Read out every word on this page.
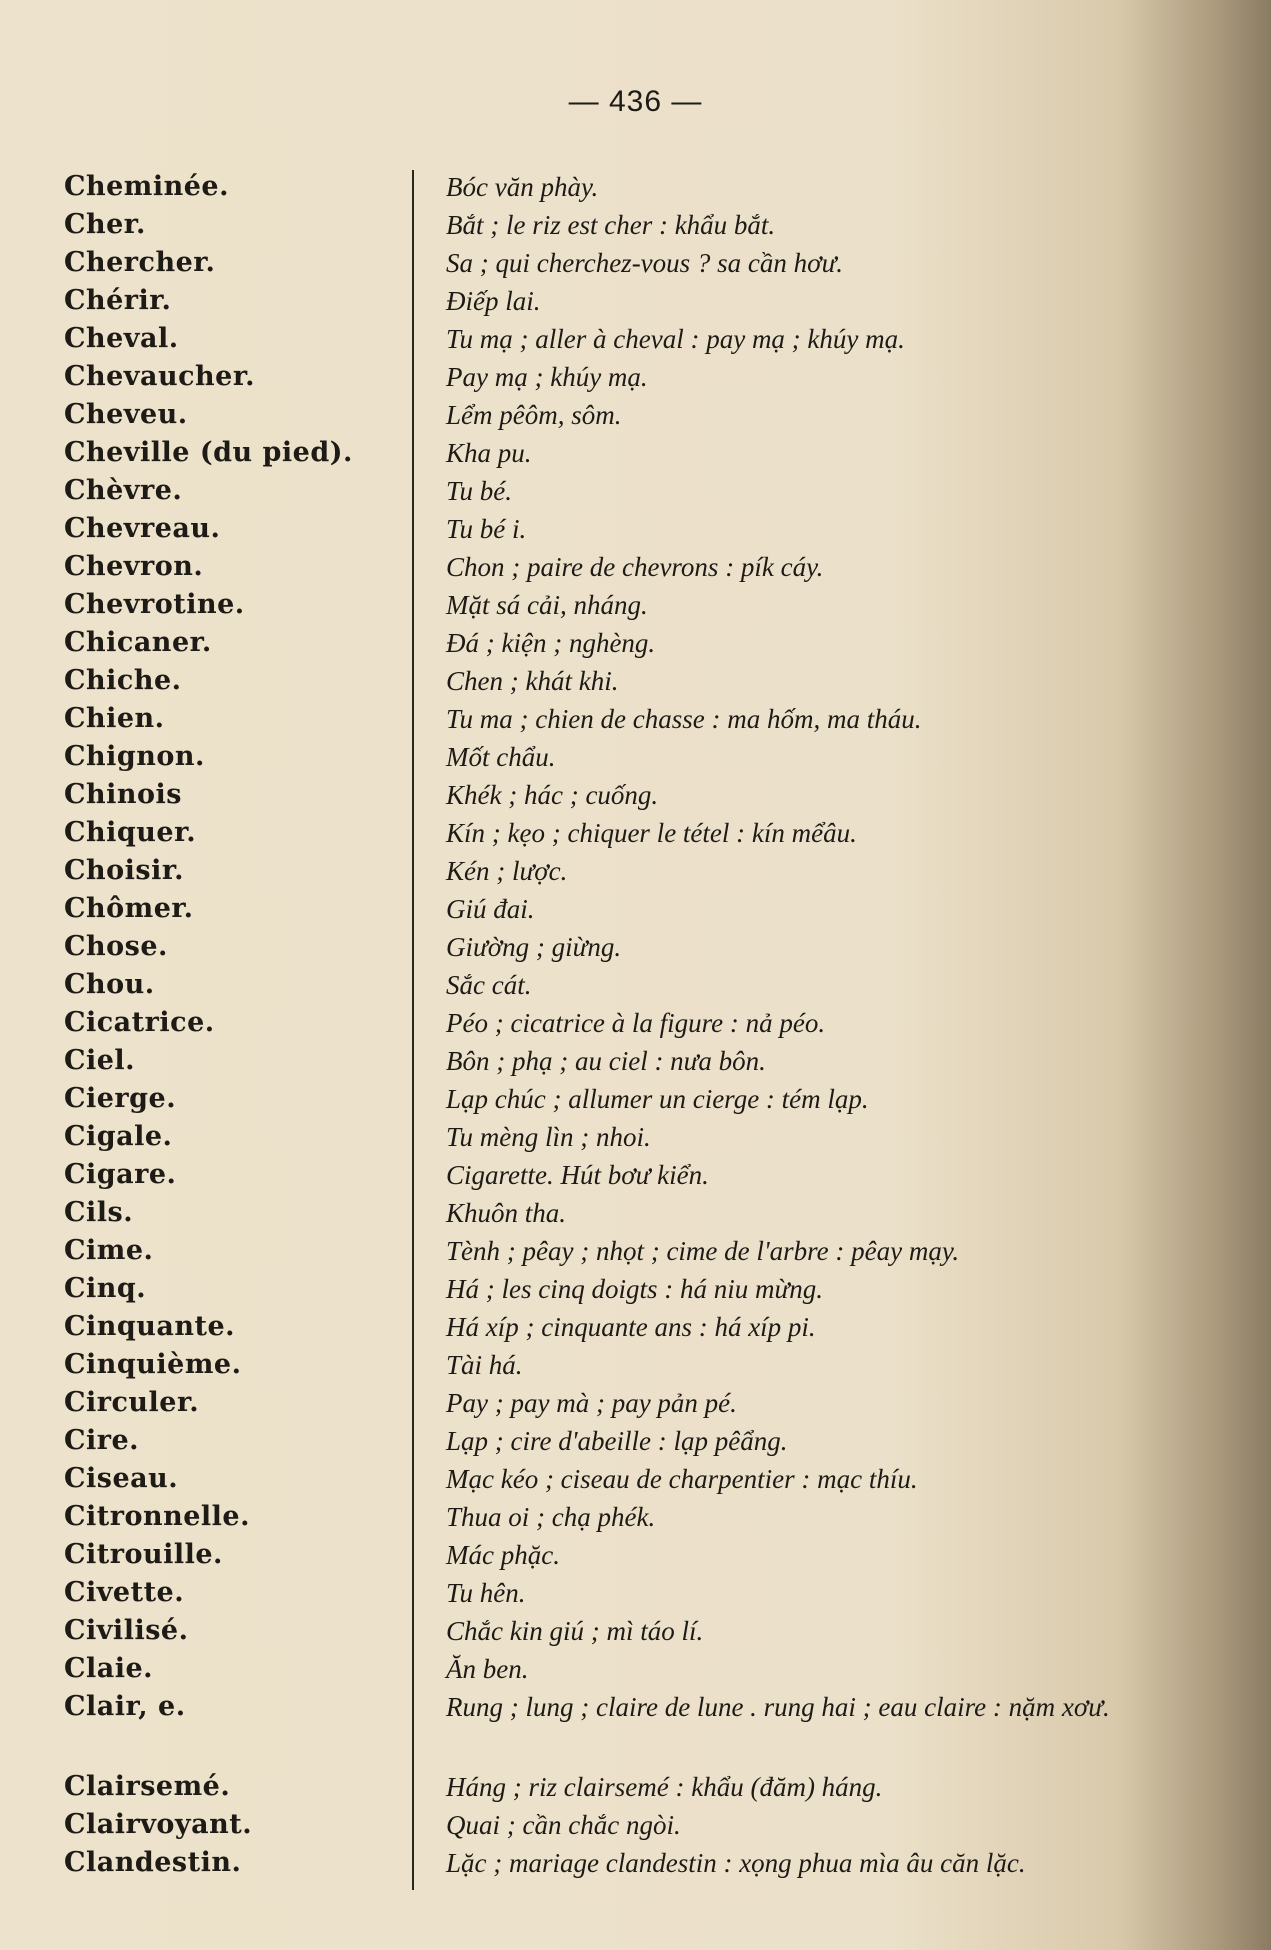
— 436 —
Cheminée.	Bóc văn phày.
Cher.	Bắt ; le riz est cher : khẩu bắt.
Chercher.	Sa ; qui cherchez-vous ? sa cần hơư.
Chérir.	Điếp lai.
Cheval.	Tu mạ ; aller à cheval : pay mạ ; khúy mạ.
Chevaucher.	Pay mạ ; khúy mạ.
Cheveu.	Lểm pêôm, sôm.
Cheville (du pied).	Kha pu.
Chèvre.	Tu bé.
Chevreau.	Tu bé i.
Chevron.	Chon ; paire de chevrons : pík cáy.
Chevrotine.	Mặt sá cải, nháng.
Chicaner.	Đá ; kiện ; nghèng.
Chiche.	Chen ; khát khi.
Chien.	Tu ma ; chien de chasse : ma hốm, ma tháu.
Chignon.	Mốt chẩu.
Chinois	Khék ; hác ; cuống.
Chiquer.	Kín ; kẹo ; chiquer le tétel : kín mểâu.
Choisir.	Kén ; lược.
Chômer.	Giú đai.
Chose.	Giường ; giừng.
Chou.	Sắc cát.
Cicatrice.	Péo ; cicatrice à la figure : nả péo.
Ciel.	Bôn ; phạ ; au ciel : nưa bôn.
Cierge.	Lạp chúc ; allumer un cierge : tém lạp.
Cigale.	Tu mèng lìn ; nhoi.
Cigare.	Cigarette. Hút bơư kiển.
Cils.	Khuôn tha.
Cime.	Tènh ; pêay ; nhọt ; cime de l'arbre : pêay mạy.
Cinq.	Há ; les cinq doigts : há niu mừng.
Cinquante.	Há xíp ; cinquante ans : há xíp pi.
Cinquième.	Tài há.
Circuler.	Pay ; pay mà ; pay pản pé.
Cire.	Lạp ; cire d'abeille : lạp pêẩng.
Ciseau.	Mạc kéo ; ciseau de charpentier : mạc thíu.
Citronnelle.	Thua oi ; chạ phék.
Citrouille.	Mác phặc.
Civette.	Tu hên.
Civilisé.	Chắc kin giú ; mì táo lí.
Claie.	Ăn ben.
Clair, e.	Rung ; lung ; claire de lune . rung hai ; eau claire : nặm xơư.
Clairsemé.	Háng ; riz clairsemé : khẩu (đăm) háng.
Clairvoyant.	Quai ; cần chắc ngòi.
Clandestin.	Lặc ; mariage clandestin : xọng phua mìa âu căn lặc.
